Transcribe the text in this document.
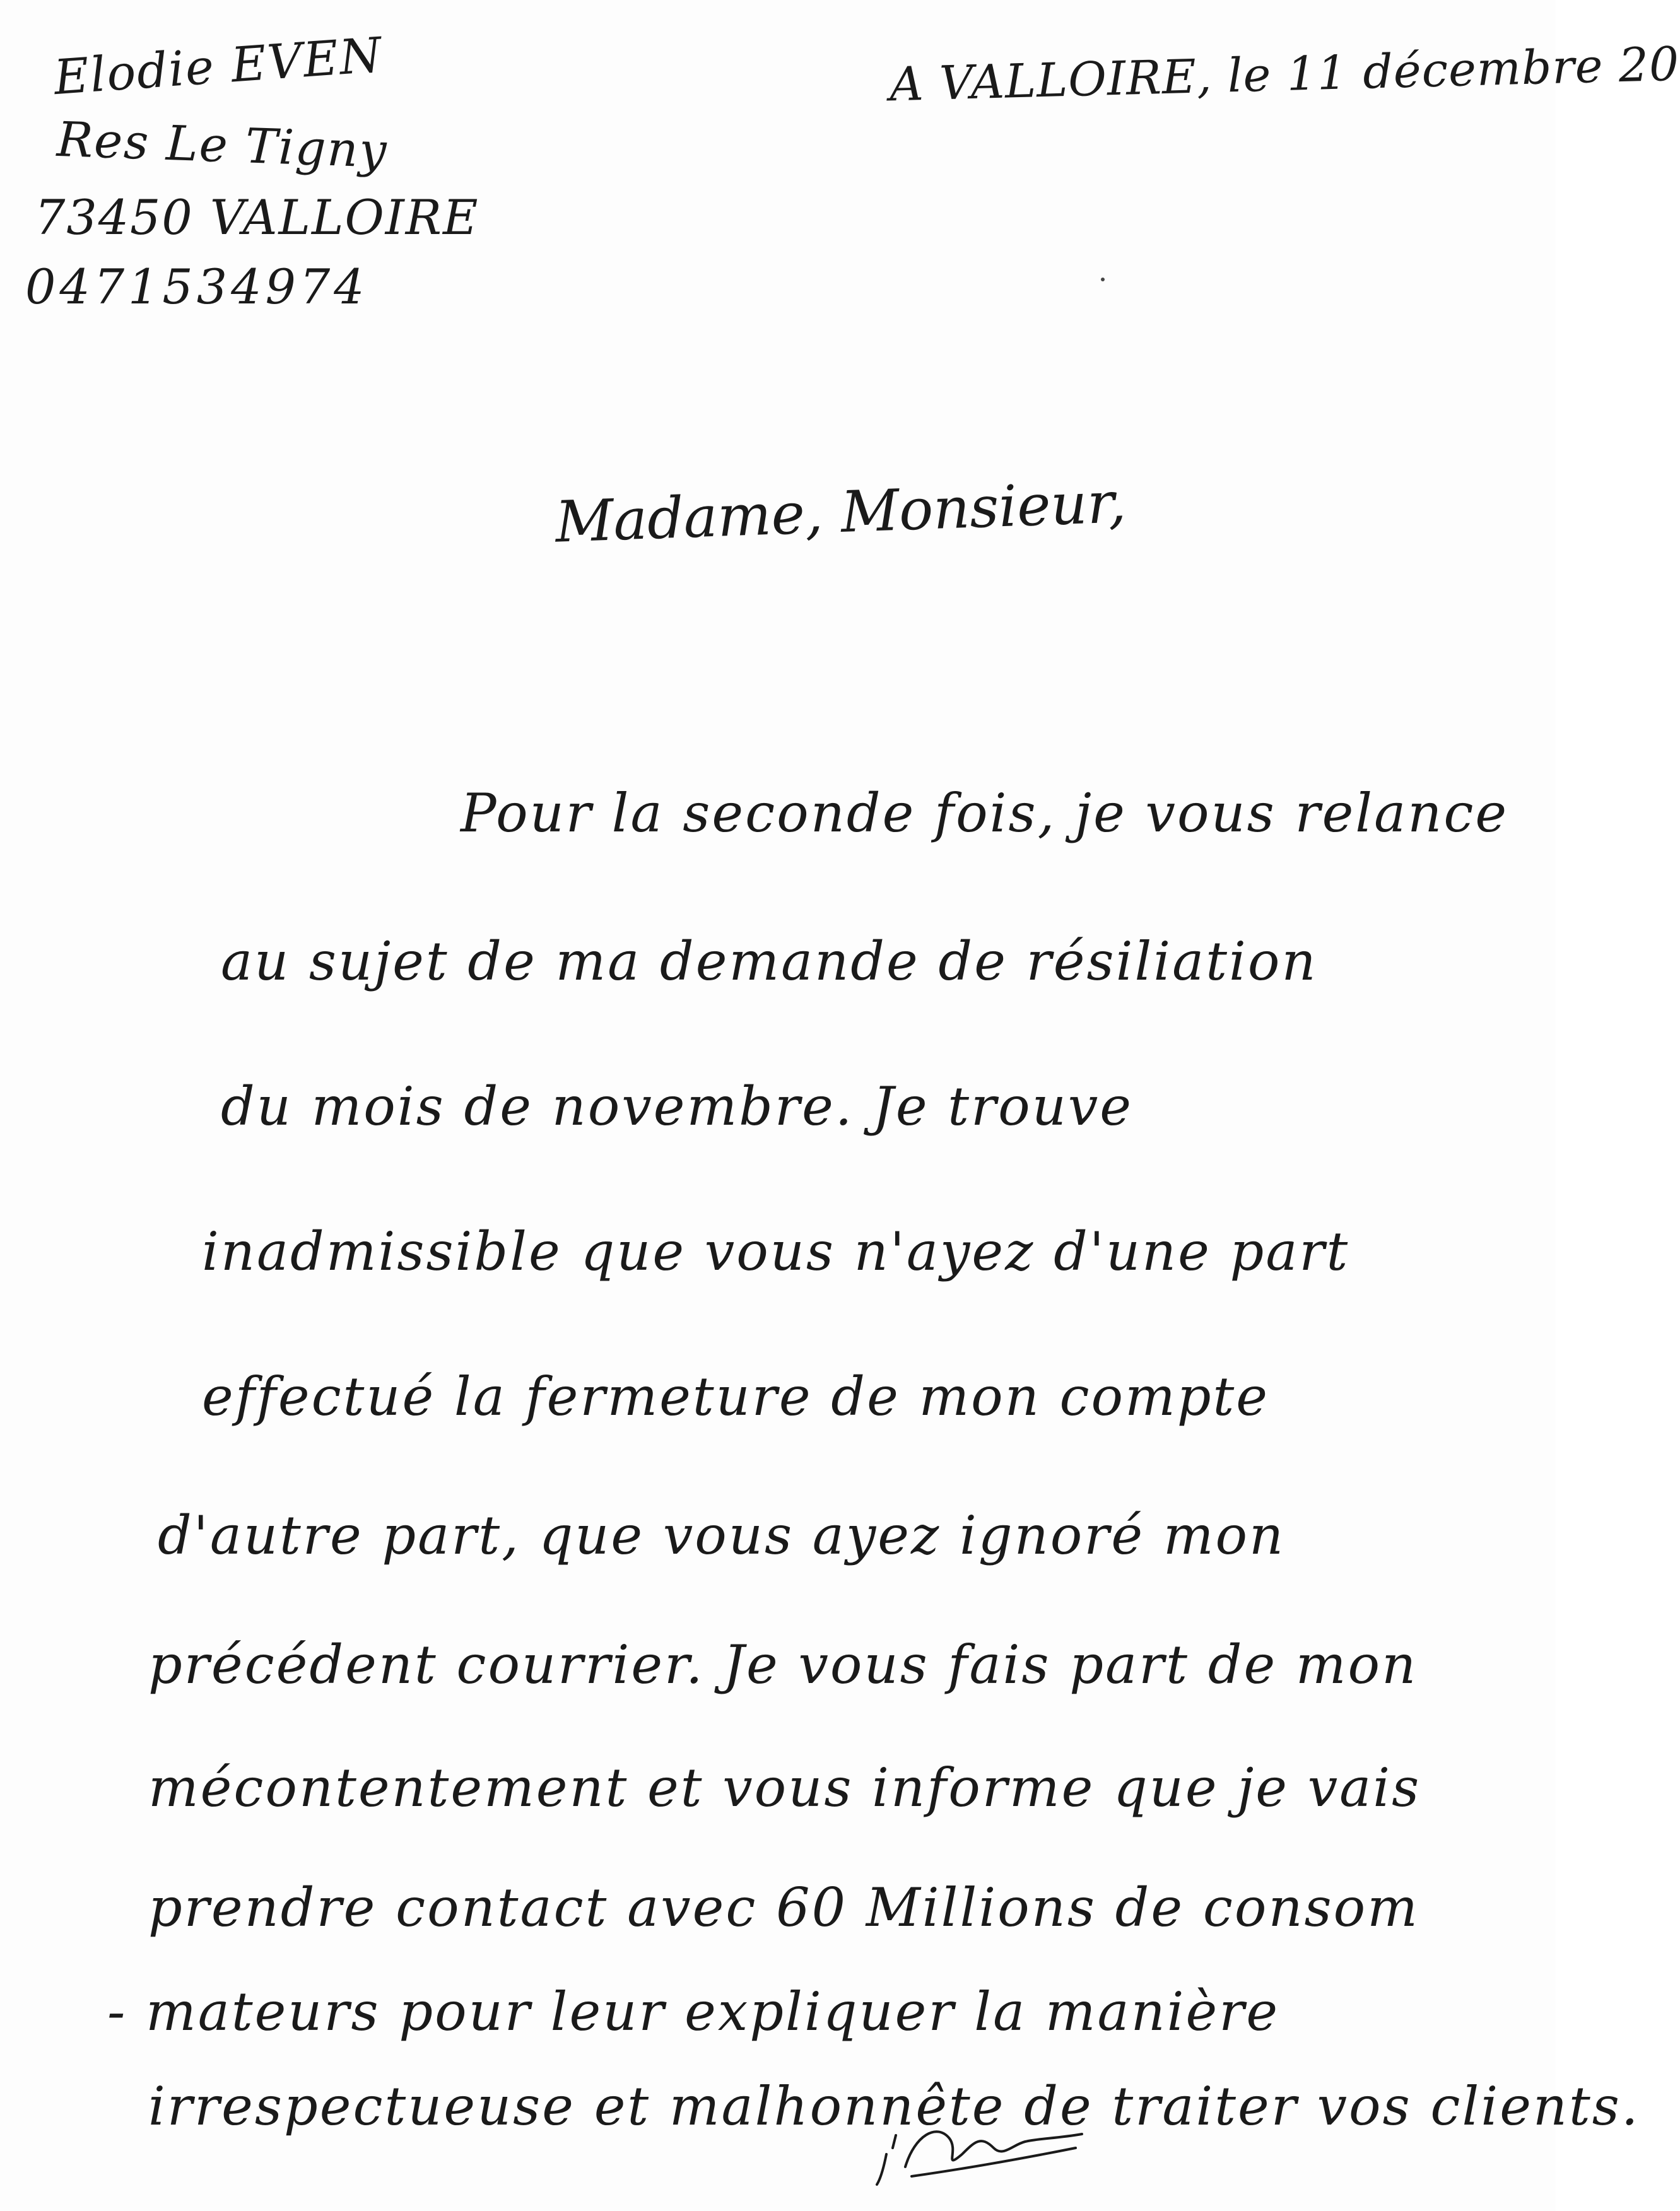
Elodie EVEN
Res Le Tigny
73450 VALLOIRE
0471534974
A VALLOIRE, le 11 décembre 20
Madame, Monsieur,
Pour la seconde fois, je vous relance
au sujet de ma demande de résiliation
du mois de novembre. Je trouve
inadmissible que vous n'ayez d'une part
effectué la fermeture de mon compte
d'autre part, que vous ayez ignoré mon
précédent courrier. Je vous fais part de mon
mécontentement et vous informe que je vais
prendre contact avec 60 Millions de consom
- mateurs pour leur expliquer la manière
irrespectueuse et malhonnête de traiter vos clients.
